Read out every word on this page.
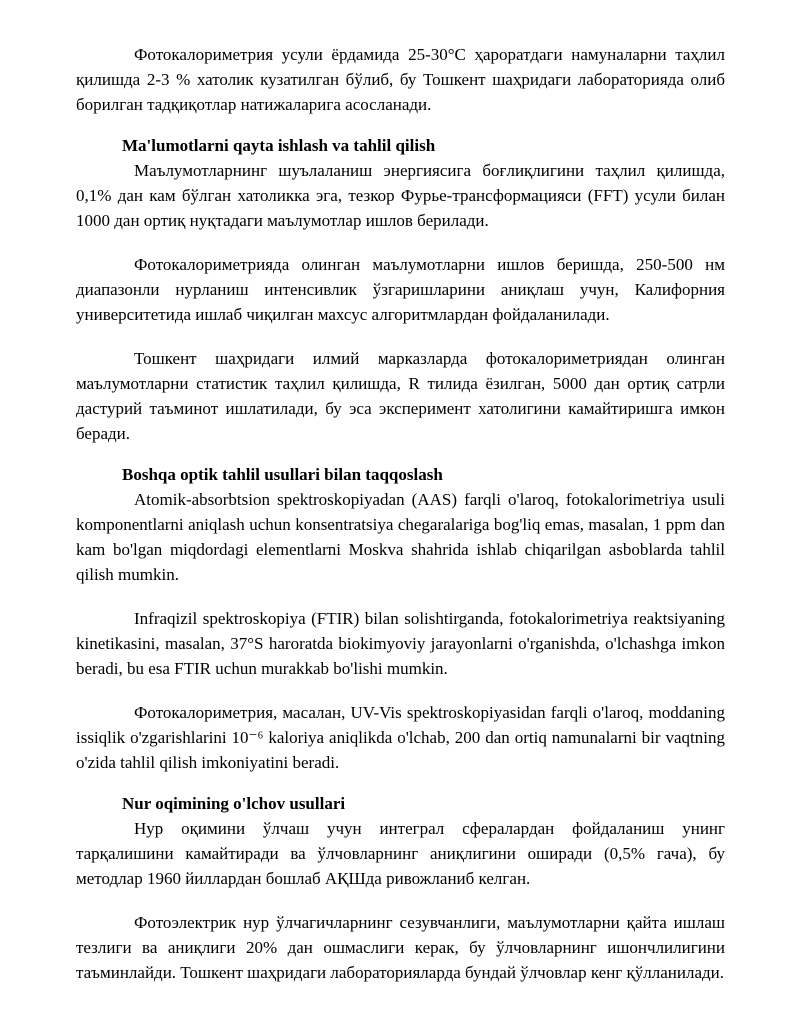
Фотокалориметрия усули ёрдамида 25-30°C ҳароратдаги намуналарни таҳлил қилишда 2-3 % хатолик кузатилган бўлиб, бу Тошкент шаҳридаги лабораторияда олиб борилган тадқиқотлар натижаларига асосланади.

Ma'lumotlarni qayta ishlash va tahlil qilish

Маълумотларнинг шуълаланиш энергиясига боғлиқлигини таҳлил қилишда, 0,1% дан кам бўлган хатоликка эга, тезкор Фурье-трансформацияси (FFT) усули билан 1000 дан ортиқ нуқтадаги маълумотлар ишлов берилади.

Фотокалориметрияда олинган маълумотларни ишлов беришда, 250-500 нм диапазонли нурланиш интенсивлик ўзгаришларини аниқлаш учун, Калифорния университетида ишлаб чиқилган махсус алгоритмлардан фойдаланилади.

Тошкент шаҳридаги илмий марказларда фотокалориметриядан олинган маълумотларни статистик таҳлил қилишда, R тилида ёзилган, 5000 дан ортиқ сатрли дастурий таъминот ишлатилади, бу эса эксперимент хатолигини камайтиришга имкон беради.

Boshqa optik tahlil usullari bilan taqqoslash

Atomik-absorbtsion spektroskopiyadan (AAS) farqli o'laroq, fotokalorimetriya usuli komponentlarni aniqlash uchun konsentratsiya chegaralariga bog'liq emas, masalan, 1 ppm dan kam bo'lgan miqdordagi elementlarni Moskva shahrida ishlab chiqarilgan asboblarda tahlil qilish mumkin.

Infraqizil spektroskopiya (FTIR) bilan solishtirganda, fotokalorimetriya reaktsiyaning kinetikasini, masalan, 37°S haroratda biokimyoviy jarayonlarni o'rganishda, o'lchashga imkon beradi, bu esa FTIR uchun murakkab bo'lishi mumkin.

Фотокалориметрия, масалан, UV-Vis spektroskopiyasidan farqli o'laroq, moddaning issiqlik o'zgarishlarini 10⁻⁶ kaloriya aniqlikda o'lchab, 200 dan ortiq namunalarni bir vaqtning o'zida tahlil qilish imkoniyatini beradi.

Nur oqimining o'lchov usullari

Нур оқимини ўлчаш учун интеграл сфералардан фойдаланиш унинг тарқалишини камайтиради ва ўлчовларнинг аниқлигини оширади (0,5% гача), бу методлар 1960 йиллардан бошлаб АҚШда ривожланиб келган.

Фотоэлектрик нур ўлчагичларнинг сезувчанлиги, маълумотларни қайта ишлаш тезлиги ва аниқлиги 20% дан ошмаслиги керак, бу ўлчовларнинг ишончлилигини таъминлайди. Тошкент шаҳридаги лабораторияларда бундай ўлчовлар кенг қўлланилади.
